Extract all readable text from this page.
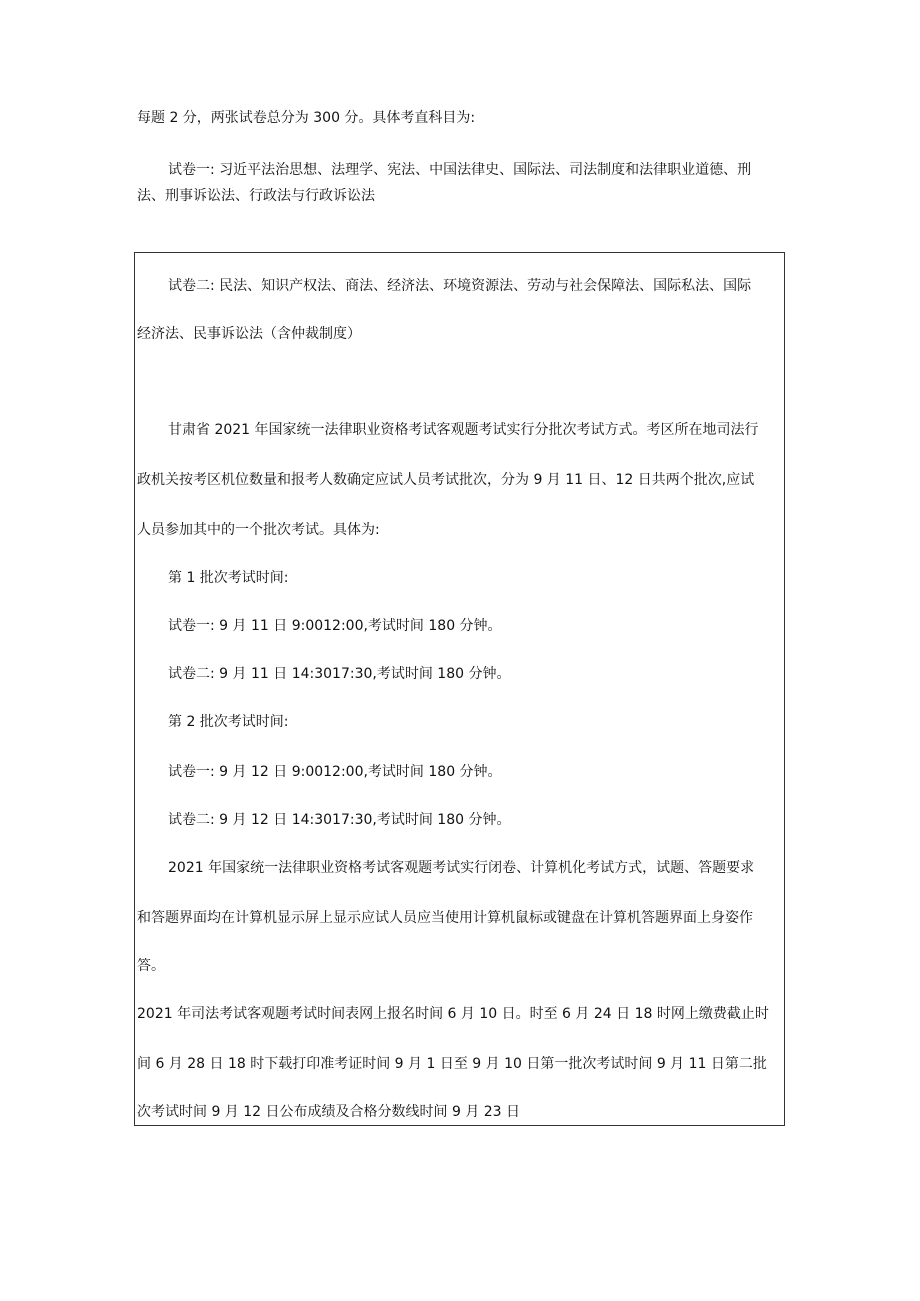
每题 2 分，两张试卷总分为 300 分。具体考直科目为:
试卷一: 习近平法治思想、法理学、宪法、中国法律史、国际法、司法制度和法律职业道德、刑
法、刑事诉讼法、行政法与行政诉讼法
试卷二: 民法、知识产权法、商法、经济法、环境资源法、劳动与社会保障法、国际私法、国际
经济法、民事诉讼法（含仲裁制度）
甘肃省 2021 年国家统一法律职业资格考试客观题考试实行分批次考试方式。考区所在地司法行
政机关按考区机位数量和报考人数确定应试人员考试批次，分为 9 月 11 日、12 日共两个批次,应试
人员参加其中的一个批次考试。具体为:
第 1 批次考试时间:
试卷一: 9 月 11 日 9:0012:00,考试时间 180 分钟。
试卷二: 9 月 11 日 14:3017:30,考试时间 180 分钟。
第 2 批次考试时间:
试卷一: 9 月 12 日 9:0012:00,考试时间 180 分钟。
试卷二: 9 月 12 日 14:3017:30,考试时间 180 分钟。
2021 年国家统一法律职业资格考试客观题考试实行闭卷、计算机化考试方式，试题、答题要求
和答题界面均在计算机显示屏上显示应试人员应当使用计算机鼠标或键盘在计算机答题界面上身姿作
答。
2021 年司法考试客观题考试时间表网上报名时间 6 月 10 日。时至 6 月 24 日 18 时网上缴费截止时
间 6 月 28 日 18 时下载打印准考证时间 9 月 1 日至 9 月 10 日第一批次考试时间 9 月 11 日第二批
次考试时间 9 月 12 日公布成绩及合格分数线时间 9 月 23 日
